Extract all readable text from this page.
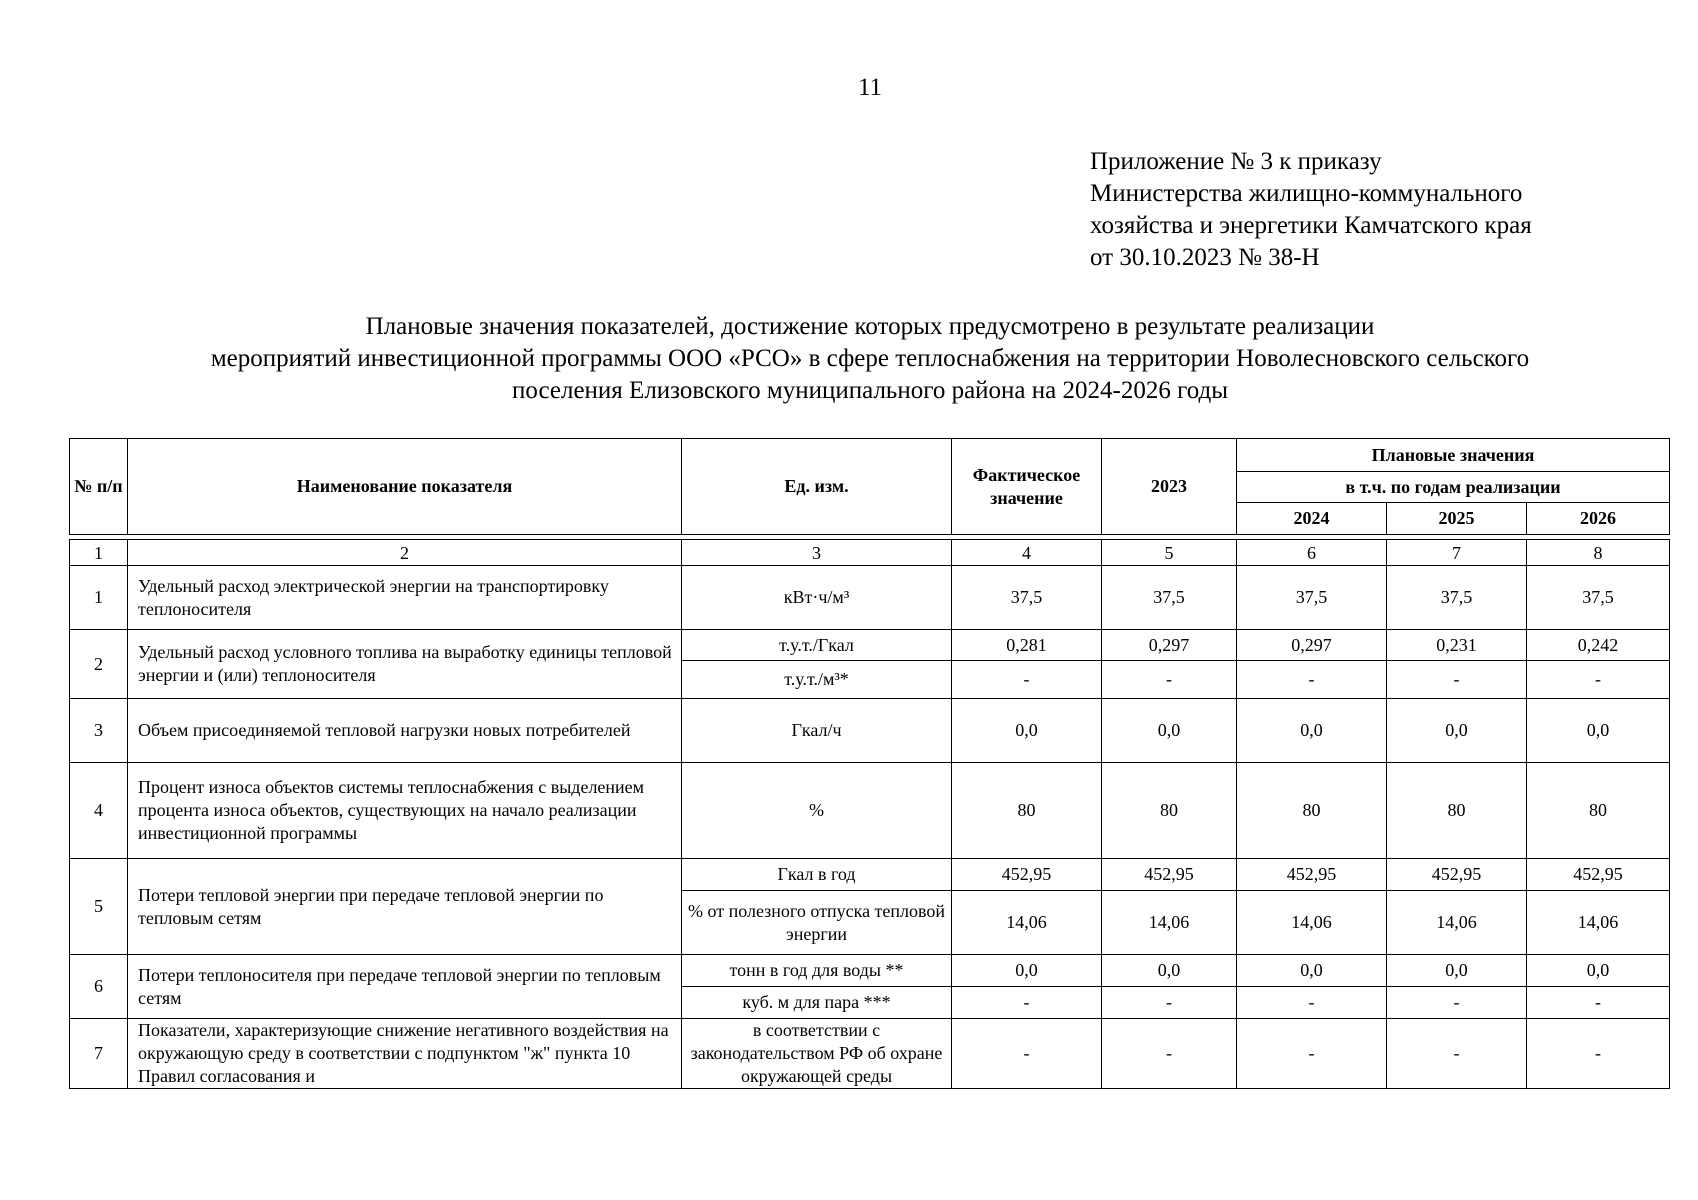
11
Приложение № 3 к приказу
Министерства жилищно-коммунального
хозяйства и энергетики Камчатского края
от 30.10.2023 № 38-Н
Плановые значения показателей, достижение которых предусмотрено в результате реализации
мероприятий инвестиционной программы ООО «РСО» в сфере теплоснабжения на территории Новолесновского сельского
поселения Елизовского муниципального района на 2024-2026 годы
№ п/п	Наименование показателя	Ед. изм.	Фактическое значение	2023	Плановые значения		
					в т.ч. по годам реализации		
					2024	2025	2026

1	2	3	4	5	6	7	8
1	Удельный расход электрической энергии на транспортировку теплоносителя	кВт·ч/м³	37,5	37,5	37,5	37,5	37,5
2	Удельный расход условного топлива на выработку единицы тепловой энергии и (или) теплоносителя	т.у.т./Гкал	0,281	0,297	0,297	0,231	0,242
		т.у.т./м³*	-	-	-	-	-
3	Объем присоединяемой тепловой нагрузки новых потребителей	Гкал/ч	0,0	0,0	0,0	0,0	0,0
4	Процент износа объектов системы теплоснабжения с выделением процента износа объектов, существующих на начало реализации инвестиционной программы	%	80	80	80	80	80
5	Потери тепловой энергии при передаче тепловой энергии по тепловым сетям	Гкал в год	452,95	452,95	452,95	452,95	452,95
		% от полезного отпуска тепловой энергии	14,06	14,06	14,06	14,06	14,06
6	Потери теплоносителя при передаче тепловой энергии по тепловым сетям	тонн в год для воды **	0,0	0,0	0,0	0,0	0,0
		куб. м для пара ***	-	-	-	-	-
7	Показатели, характеризующие снижение негативного воздействия на окружающую среду в соответствии с подпунктом "ж" пункта 10 Правил согласования и	в соответствии с законодательством РФ об охране окружающей среды	-	-	-	-	-
